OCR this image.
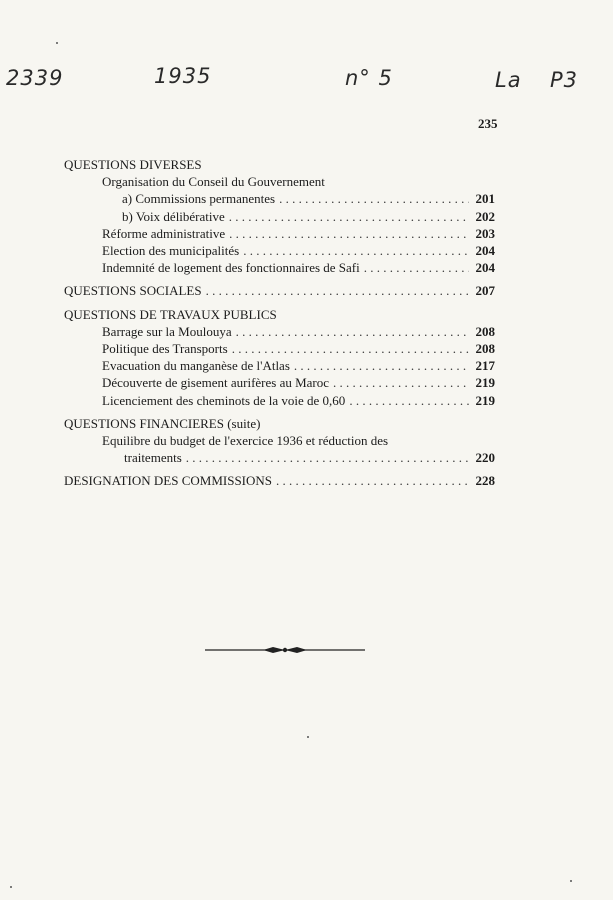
2339	1935	n° 5	La P3
235
QUESTIONS DIVERSES
Organisation du Conseil du Gouvernement
a) Commissions permanentes . . .	201
b) Voix délibérative . . .	202
Réforme administrative . . .	203
Election des municipalités . . .	204
Indemnité de logement des fonctionnaires de Safi . . .	204
QUESTIONS SOCIALES . . .	207
QUESTIONS DE TRAVAUX PUBLICS
Barrage sur la Moulouya . . .	208
Politique des Transports . . .	208
Evacuation du manganèse de l'Atlas . . .	217
Découverte de gisement aurifères au Maroc . . .	219
Licenciement des cheminots de la voie de 0,60 . . .	219
QUESTIONS FINANCIERES (suite)
Equilibre du budget de l'exercice 1936 et réduction des
traitements . . .	220
DESIGNATION DES COMMISSIONS . . .	228
